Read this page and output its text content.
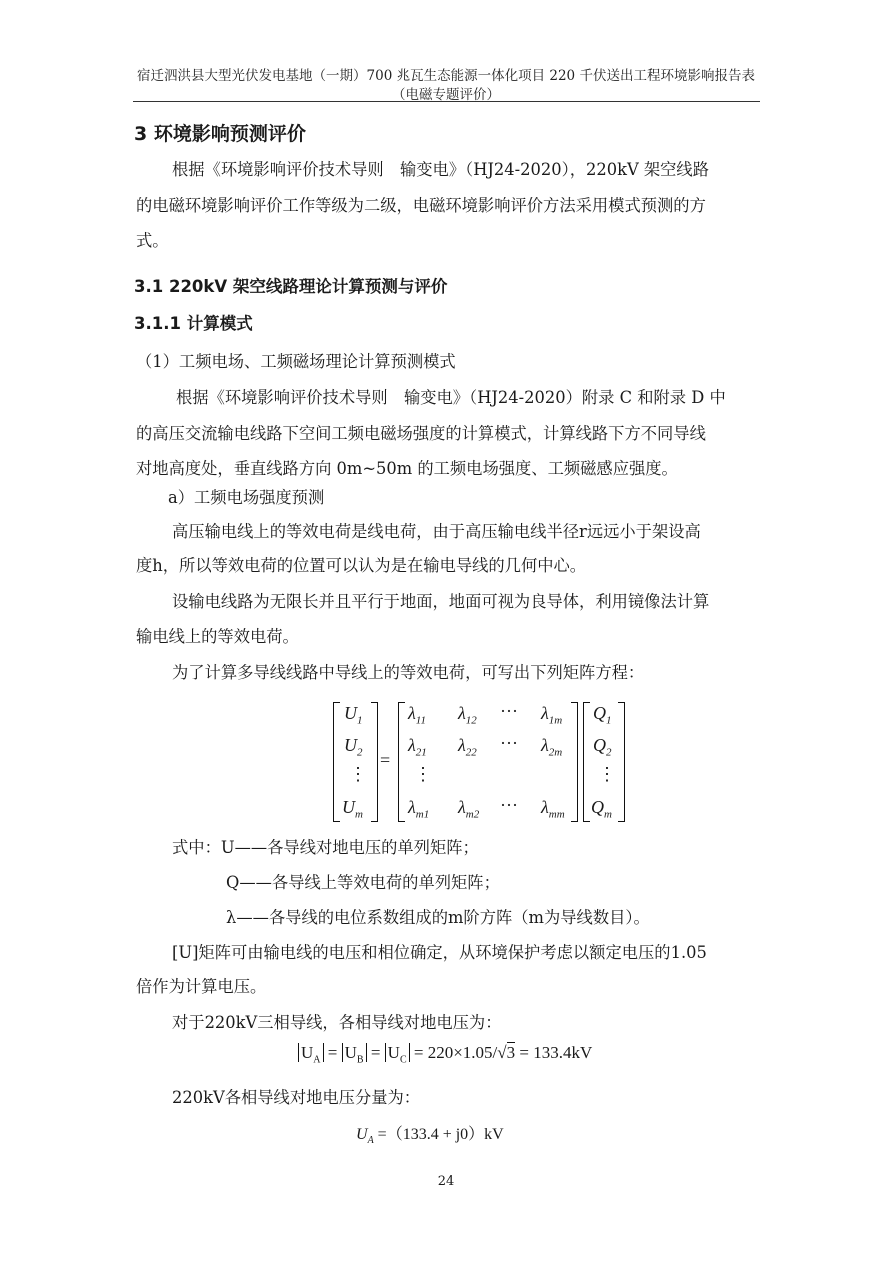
宿迁泗洪县大型光伏发电基地（一期）700 兆瓦生态能源一体化项目 220 千伏送出工程环境影响报告表
（电磁专题评价）
3 环境影响预测评价
根据《环境影响评价技术导则　输变电》（HJ24-2020），220kV 架空线路
的电磁环境影响评价工作等级为二级，电磁环境影响评价方法采用模式预测的方
式。
3.1 220kV 架空线路理论计算预测与评价
3.1.1 计算模式
（1）工频电场、工频磁场理论计算预测模式
根据《环境影响评价技术导则　输变电》（HJ24-2020）附录 C 和附录 D 中
的高压交流输电线路下空间工频电磁场强度的计算模式，计算线路下方不同导线
对地高度处，垂直线路方向 0m~50m 的工频电场强度、工频磁感应强度。
a）工频电场强度预测
高压输电线上的等效电荷是线电荷，由于高压输电线半径r远远小于架设高
度h，所以等效电荷的位置可以认为是在输电导线的几何中心。
设输电线路为无限长并且平行于地面，地面可视为良导体，利用镜像法计算
输电线上的等效电荷。
为了计算多导线线路中导线上的等效电荷，可写出下列矩阵方程：
$U_1$
$U_2$
⋮
$U_m$
=
$\lambda_{11}$ $\lambda_{12}$ ··· $\lambda_{1m}$
$\lambda_{21}$ $\lambda_{22}$ ··· $\lambda_{2m}$
⋮
$\lambda_{m1}$ $\lambda_{m2}$ ··· $\lambda_{mm}$
$Q_1$
$Q_2$
⋮
$Q_m$
式中：U——各导线对地电压的单列矩阵；
Q——各导线上等效电荷的单列矩阵；
λ——各导线的电位系数组成的m阶方阵（m为导线数目）。
[U]矩阵可由输电线的电压和相位确定，从环境保护考虑以额定电压的1.05
倍作为计算电压。
对于220kV三相导线，各相导线对地电压为：
$U_A = U_B = U_C = 220\times 1.05/√3 = 133.4kV$
220kV各相导线对地电压分量为：
$U_A =(133.4 + j0)kV$
24
